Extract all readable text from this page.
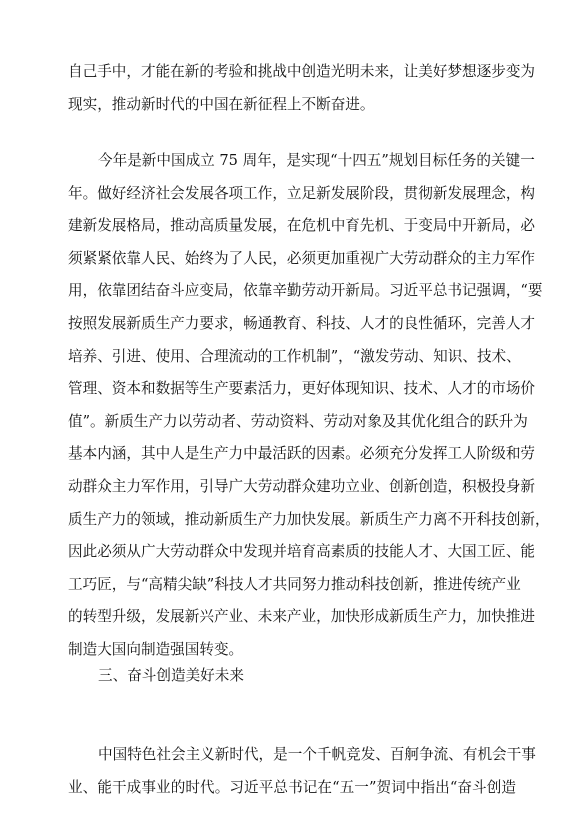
自己手中，才能在新的考验和挑战中创造光明未来，让美好梦想逐步变为
现实，推动新时代的中国在新征程上不断奋进。
今年是新中国成立 75 周年，是实现“十四五”规划目标任务的关键一
年。做好经济社会发展各项工作，立足新发展阶段，贯彻新发展理念，构
建新发展格局，推动高质量发展，在危机中育先机、于变局中开新局，必
须紧紧依靠人民、始终为了人民，必须更加重视广大劳动群众的主力军作
用，依靠团结奋斗应变局，依靠辛勤劳动开新局。习近平总书记强调，“要
按照发展新质生产力要求，畅通教育、科技、人才的良性循环，完善人才
培养、引进、使用、合理流动的工作机制”，“激发劳动、知识、技术、
管理、资本和数据等生产要素活力，更好体现知识、技术、人才的市场价
值”。新质生产力以劳动者、劳动资料、劳动对象及其优化组合的跃升为
基本内涵，其中人是生产力中最活跃的因素。必须充分发挥工人阶级和劳
动群众主力军作用，引导广大劳动群众建功立业、创新创造，积极投身新
质生产力的领域，推动新质生产力加快发展。新质生产力离不开科技创新，
因此必须从广大劳动群众中发现并培育高素质的技能人才、大国工匠、能
工巧匠，与“高精尖缺”科技人才共同努力推动科技创新，推进传统产业
的转型升级，发展新兴产业、未来产业，加快形成新质生产力，加快推进
制造大国向制造强国转变。
三、奋斗创造美好未来
中国特色社会主义新时代，是一个千帆竞发、百舸争流、有机会干事
业、能干成事业的时代。习近平总书记在“五一”贺词中指出“奋斗创造
